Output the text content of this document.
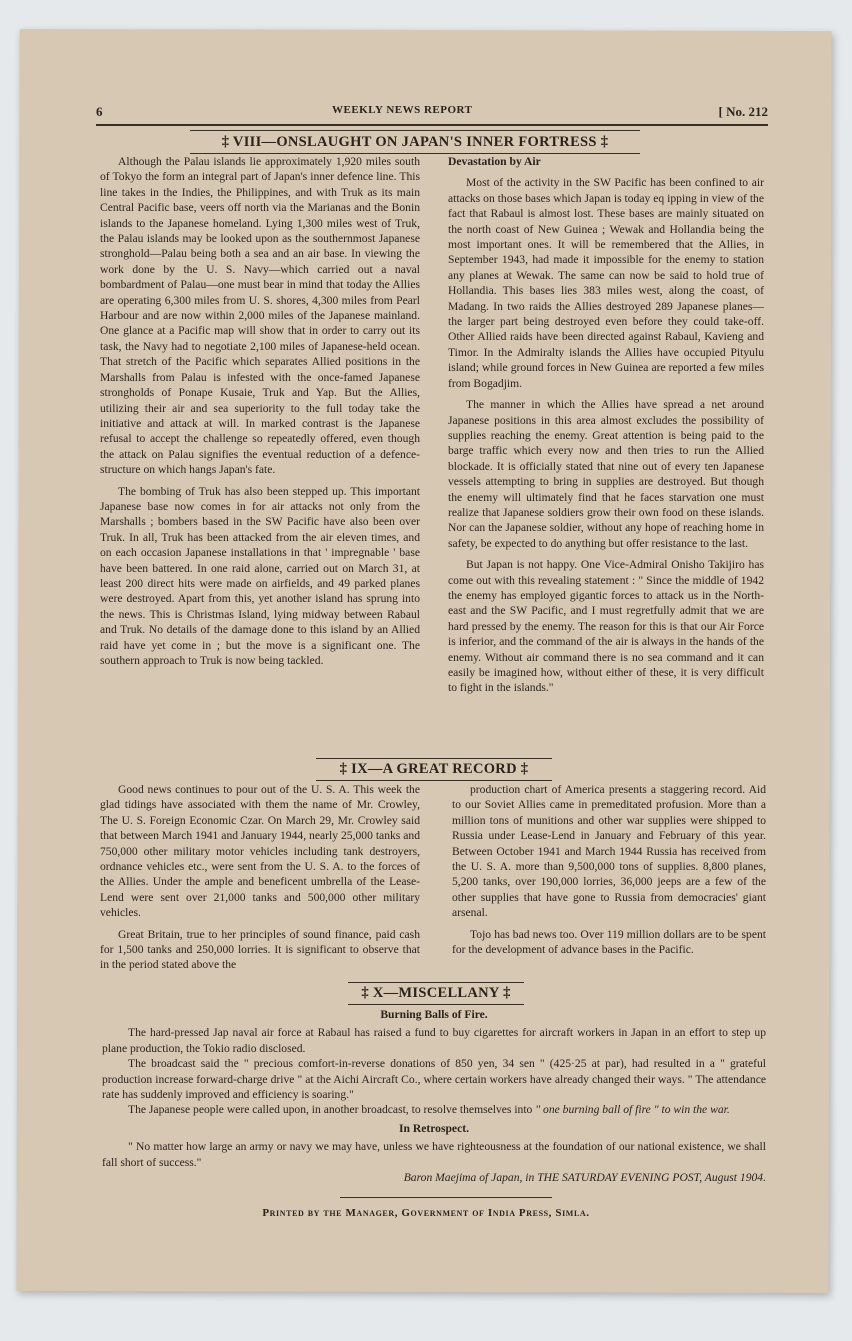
6	WEEKLY NEWS REPORT	[ No. 212
‡ VIII—ONSLAUGHT ON JAPAN'S INNER FORTRESS ‡

Although the Palau islands lie approximately 1,920 miles south of Tokyo the form an integral part of Japan's inner defence line. This line takes in the Indies, the Philippines, and with Truk as its main Central Pacific base, veers off north via the Marianas and the Bonin islands to the Japanese homeland. Lying 1,300 miles west of Truk, the Palau islands may be looked upon as the southernmost Japanese stronghold—Palau being both a sea and an air base. In viewing the work done by the U. S. Navy—which carried out a naval bombardment of Palau—one must bear in mind that today the Allies are operating 6,300 miles from U. S. shores, 4,300 miles from Pearl Harbour and are now within 2,000 miles of the Japanese mainland. One glance at a Pacific map will show that in order to carry out its task, the Navy had to negotiate 2,100 miles of Japanese-held ocean. That stretch of the Pacific which separates Allied positions in the Marshalls from Palau is infested with the once-famed Japanese strongholds of Ponape Kusaie, Truk and Yap. But the Allies, utilizing their air and sea superiority to the full today take the initiative and attack at will. In marked contrast is the Japanese refusal to accept the challenge so repeatedly offered, even though the attack on Palau signifies the eventual reduction of a defence-structure on which hangs Japan's fate.

The bombing of Truk has also been stepped up. This important Japanese base now comes in for air attacks not only from the Marshalls ; bombers based in the SW Pacific have also been over Truk. In all, Truk has been attacked from the air eleven times, and on each occasion Japanese installations in that ' impregnable ' base have been battered. In one raid alone, carried out on March 31, at least 200 direct hits were made on airfields, and 49 parked planes were destroyed. Apart from this, yet another island has sprung into the news. This is Christmas Island, lying midway between Rabaul and Truk. No details of the damage done to this island by an Allied raid have yet come in ; but the move is a significant one. The southern approach to Truk is now being tackled.

Devastation by Air

Most of the activity in the SW Pacific has been confined to air attacks on those bases which Japan is today eq ipping in view of the fact that Rabaul is almost lost. These bases are mainly situated on the north coast of New Guinea ; Wewak and Hollandia being the most important ones. It will be remembered that the Allies, in September 1943, had made it impossible for the enemy to station any planes at Wewak. The same can now be said to hold true of Hollandia. This bases lies 383 miles west, along the coast, of Madang. In two raids the Allies destroyed 289 Japanese planes—the larger part being destroyed even before they could take-off. Other Allied raids have been directed against Rabaul, Kavieng and Timor. In the Admiralty islands the Allies have occupied Pityulu island; while ground forces in New Guinea are reported a few miles from Bogadjim.

The manner in which the Allies have spread a net around Japanese positions in this area almost excludes the possibility of supplies reaching the enemy. Great attention is being paid to the barge traffic which every now and then tries to run the Allied blockade. It is officially stated that nine out of every ten Japanese vessels attempting to bring in supplies are destroyed. But though the enemy will ultimately find that he faces starvation one must realize that Japanese soldiers grow their own food on these islands. Nor can the Japanese soldier, without any hope of reaching home in safety, be expected to do anything but offer resistance to the last.

But Japan is not happy. One Vice-Admiral Onisho Takijiro has come out with this revealing statement : " Since the middle of 1942 the enemy has employed gigantic forces to attack us in the North-east and the SW Pacific, and I must regretfully admit that we are hard pressed by the enemy. The reason for this is that our Air Force is inferior, and the command of the air is always in the hands of the enemy. Without air command there is no sea command and it can easily be imagined how, without either of these, it is very difficult to fight in the islands."

‡ IX—A GREAT RECORD ‡

Good news continues to pour out of the U. S. A. This week the glad tidings have associated with them the name of Mr. Crowley, The U. S. Foreign Economic Czar. On March 29, Mr. Crowley said that between March 1941 and January 1944, nearly 25,000 tanks and 750,000 other military motor vehicles including tank destroyers, ordnance vehicles etc., were sent from the U. S. A. to the forces of the Allies. Under the ample and beneficent umbrella of the Lease-Lend were sent over 21,000 tanks and 500,000 other military vehicles.

Great Britain, true to her principles of sound finance, paid cash for 1,500 tanks and 250,000 lorries. It is significant to observe that in the period stated above the

production chart of America presents a staggering record. Aid to our Soviet Allies came in premeditated profusion. More than a million tons of munitions and other war supplies were shipped to Russia under Lease-Lend in January and February of this year. Between October 1941 and March 1944 Russia has received from the U. S. A. more than 9,500,000 tons of supplies. 8,800 planes, 5,200 tanks, over 190,000 lorries, 36,000 jeeps are a few of the other supplies that have gone to Russia from democracies' giant arsenal.

Tojo has bad news too. Over 119 million dollars are to be spent for the development of advance bases in the Pacific.

‡ X—MISCELLANY ‡

Burning Balls of Fire.

The hard-pressed Jap naval air force at Rabaul has raised a fund to buy cigarettes for aircraft workers in Japan in an effort to step up plane production, the Tokio radio disclosed.

The broadcast said the " precious comfort-in-reverse donations of 850 yen, 34 sen " (425·25 at par), had resulted in a " grateful production increase forward-charge drive " at the Aichi Aircraft Co., where certain workers have already changed their ways. " The attendance rate has suddenly improved and efficiency is soaring."

The Japanese people were called upon, in another broadcast, to resolve themselves into " one burning ball of fire " to win the war.

In Retrospect.

" No matter how large an army or navy we may have, unless we have righteousness at the foundation of our national existence, we shall fall short of success."

Baron Maejima of Japan, in THE SATURDAY EVENING POST, August 1904.

Printed by the Manager, Government of India Press, Simla.
